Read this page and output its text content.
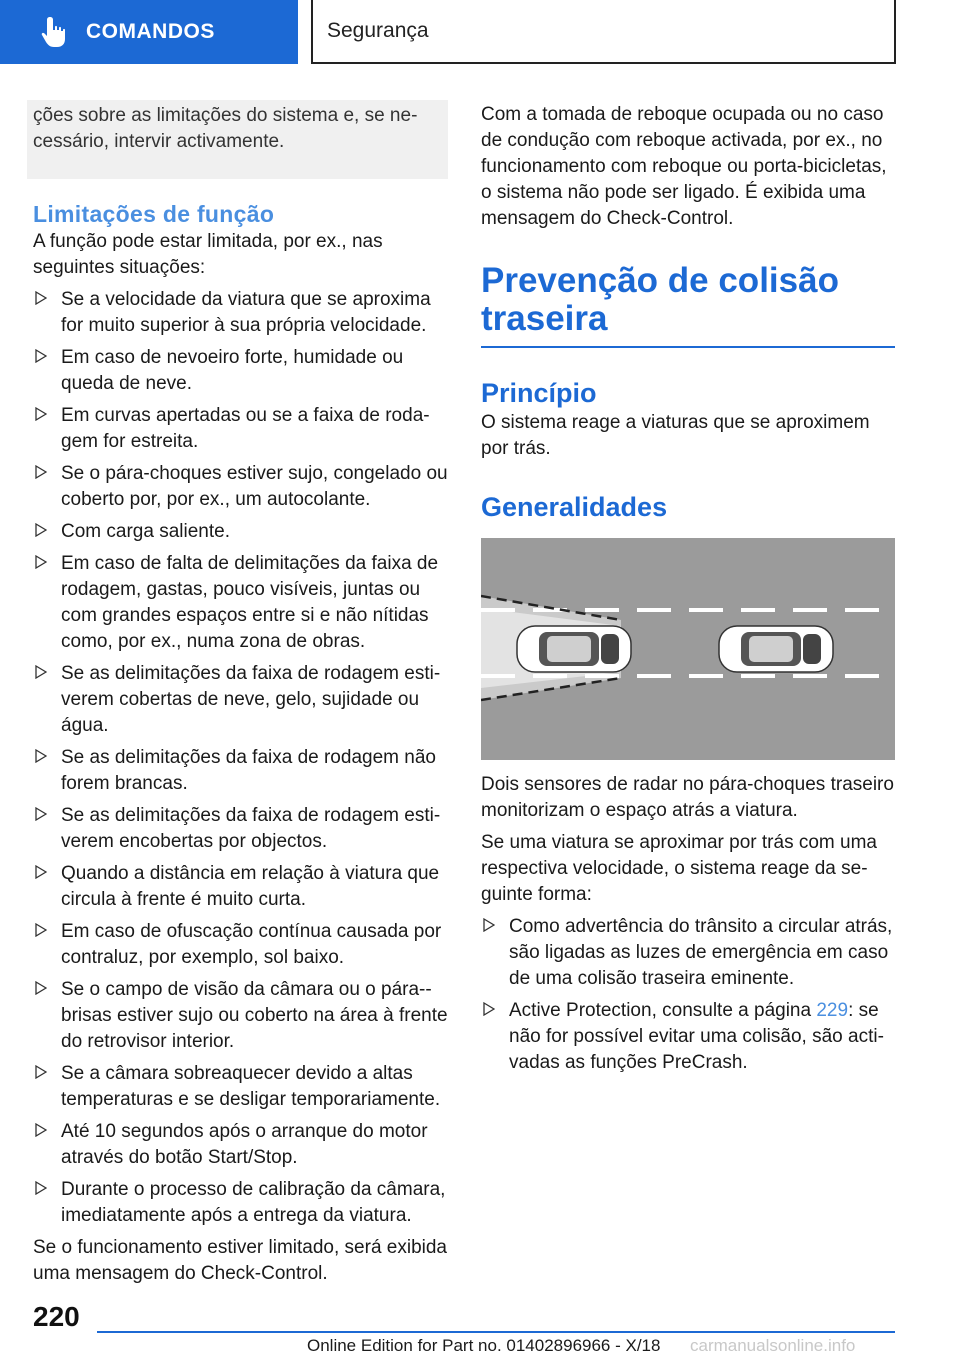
COMANDOS	Segurança

ções sobre as limitações do sistema e, se necessário, intervir activamente.

Limitações de função

A função pode estar limitada, por ex., nas seguintes situações:

Se a velocidade da viatura que se aproxima for muito superior à sua própria velocidade.
Em caso de nevoeiro forte, humidade ou queda de neve.
Em curvas apertadas ou se a faixa de rodagem for estreita.
Se o pára-choques estiver sujo, congelado ou coberto por, por ex., um autocolante.
Com carga saliente.
Em caso de falta de delimitações da faixa de rodagem, gastas, pouco visíveis, juntas ou com grandes espaços entre si e não nítidas como, por ex., numa zona de obras.
Se as delimitações da faixa de rodagem estiverem cobertas de neve, gelo, sujidade ou água.
Se as delimitações da faixa de rodagem não forem brancas.
Se as delimitações da faixa de rodagem estiverem encobertas por objectos.
Quando a distância em relação à viatura que circula à frente é muito curta.
Em caso de ofuscação contínua causada por contraluz, por exemplo, sol baixo.
Se o campo de visão da câmara ou o pára-brisas estiver sujo ou coberto na área à frente do retrovisor interior.
Se a câmara sobreaquecer devido a altas temperaturas e se desligar temporariamente.
Até 10 segundos após o arranque do motor através do botão Start/Stop.
Durante o processo de calibração da câmara, imediatamente após a entrega da viatura.

Se o funcionamento estiver limitado, será exibida uma mensagem do Check-Control.

Com a tomada de reboque ocupada ou no caso de condução com reboque activada, por ex., no funcionamento com reboque ou porta-bicicletas, o sistema não pode ser ligado. É exibida uma mensagem do Check-Control.

Prevenção de colisão traseira
Princípio

O sistema reage a viaturas que se aproximem por trás.

Generalidades

Dois sensores de radar no pára-choques traseiro monitorizam o espaço atrás a viatura.

Se uma viatura se aproximar por trás com uma respectiva velocidade, o sistema reage da seguinte forma:

Como advertência do trânsito a circular atrás, são ligadas as luzes de emergência em caso de uma colisão traseira eminente.
Active Protection, consulte a página 229: se não for possível evitar uma colisão, são activadas as funções PreCrash.
220
Online Edition for Part no. 01402896966 - X/18 carmanualsonline.info
